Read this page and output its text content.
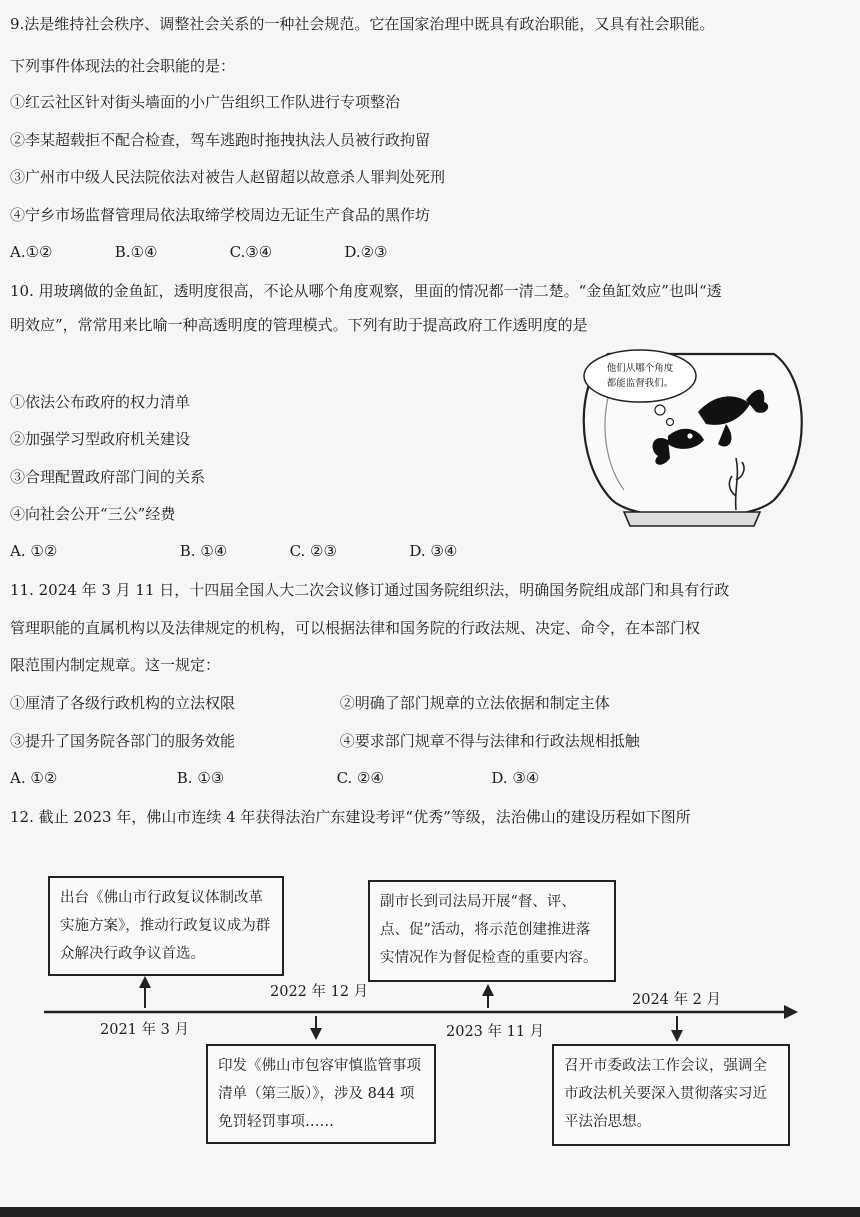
9.法是维持社会秩序、调整社会关系的一种社会规范。它在国家治理中既具有政治职能，又具有社会职能。
下列事件体现法的社会职能的是：
①红云社区针对街头墙面的小广告组织工作队进行专项整治
②李某超载拒不配合检查，驾车逃跑时拖拽执法人员被行政拘留
③广州市中级人民法院依法对被告人赵留超以故意杀人罪判处死刑
④宁乡市场监督管理局依法取缔学校周边无证生产食品的黑作坊
A.①②	B.①④	C.③④	D.②③
10. 用玻璃做的金鱼缸，透明度很高，不论从哪个角度观察，里面的情况都一清二楚。“金鱼缸效应”也叫“透
明效应”，常常用来比喻一种高透明度的管理模式。下列有助于提高政府工作透明度的是
①依法公布政府的权力清单
②加强学习型政府机关建设
③合理配置政府部门间的关系
④向社会公开“三公”经费
A. ①②	B. ①④	C. ②③	D. ③④
他们从哪个角度
都能监督我们。
11. 2024 年 3 月 11 日，十四届全国人大二次会议修订通过国务院组织法，明确国务院组成部门和具有行政
管理职能的直属机构以及法律规定的机构，可以根据法律和国务院的行政法规、决定、命令，在本部门权
限范围内制定规章。这一规定：
①厘清了各级行政机构的立法权限	②明确了部门规章的立法依据和制定主体
③提升了国务院各部门的服务效能	④要求部门规章不得与法律和行政法规相抵触
A. ①②	B. ①③	C. ②④	D. ③④
12. 截止 2023 年，佛山市连续 4 年获得法治广东建设考评“优秀”等级，法治佛山的建设历程如下图所
出台《佛山市行政复议体制改革实施方案》，推动行政复议成为群众解决行政争议首选。
副市长到司法局开展“督、评、点、促”活动，将示范创建推进落实情况作为督促检查的重要内容。
印发《佛山市包容审慎监管事项清单（第三版）》，涉及 844 项免罚轻罚事项……
召开市委政法工作会议，强调全市政法机关要深入贯彻落实习近平法治思想。
2021 年 3 月
2022 年 12 月
2023 年 11 月
2024 年 2 月
